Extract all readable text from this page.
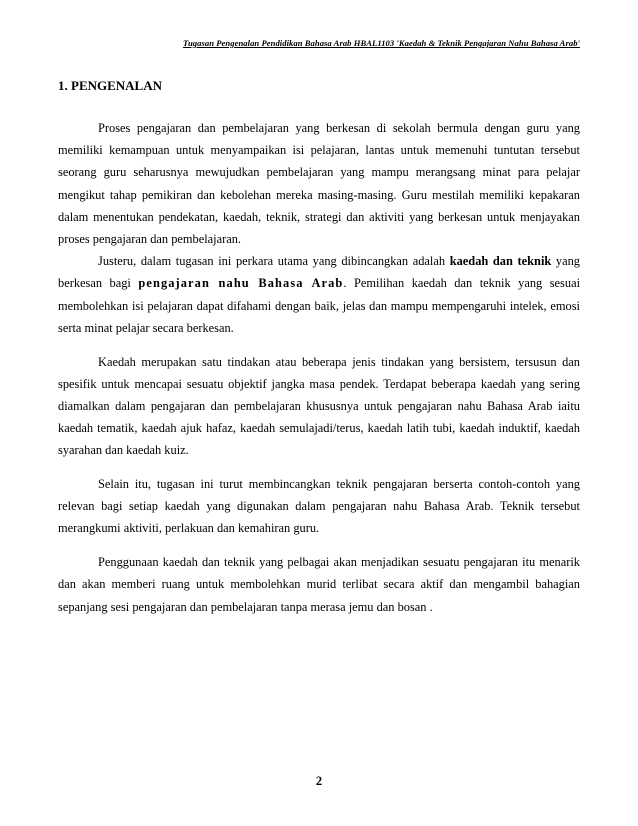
Tugasan Pengenalan Pendidikan Bahasa Arab HBAL1103 'Kaedah & Teknik Pengajaran Nahu Bahasa Arab'
1. PENGENALAN

Proses pengajaran dan pembelajaran yang berkesan di sekolah bermula dengan guru yang memiliki kemampuan untuk menyampaikan isi pelajaran, lantas untuk memenuhi tuntutan tersebut seorang guru seharusnya mewujudkan pembelajaran yang mampu merangsang minat para pelajar mengikut tahap pemikiran dan kebolehan mereka masing-masing. Guru mestilah memiliki kepakaran dalam menentukan pendekatan, kaedah, teknik, strategi dan aktiviti yang berkesan untuk menjayakan proses pengajaran dan pembelajaran.

Justeru, dalam tugasan ini perkara utama yang dibincangkan adalah kaedah dan teknik yang berkesan bagi pengajaran nahu Bahasa Arab. Pemilihan kaedah dan teknik yang sesuai membolehkan isi pelajaran dapat difahami dengan baik, jelas dan mampu mempengaruhi intelek, emosi serta minat pelajar secara berkesan.

Kaedah merupakan satu tindakan atau beberapa jenis tindakan yang bersistem, tersusun dan spesifik untuk mencapai sesuatu objektif jangka masa pendek. Terdapat beberapa kaedah yang sering diamalkan dalam pengajaran dan pembelajaran khususnya untuk pengajaran nahu Bahasa Arab iaitu kaedah tematik, kaedah ajuk hafaz, kaedah semulajadi/terus, kaedah latih tubi, kaedah induktif, kaedah syarahan dan kaedah kuiz.

Selain itu, tugasan ini turut membincangkan teknik pengajaran berserta contoh-contoh yang relevan bagi setiap kaedah yang digunakan dalam pengajaran nahu Bahasa Arab. Teknik tersebut merangkumi aktiviti, perlakuan dan kemahiran guru.

Penggunaan kaedah dan teknik yang pelbagai akan menjadikan sesuatu pengajaran itu menarik dan akan memberi ruang untuk membolehkan murid terlibat secara aktif dan mengambil bahagian sepanjang sesi pengajaran dan pembelajaran tanpa merasa jemu dan bosan .

2
